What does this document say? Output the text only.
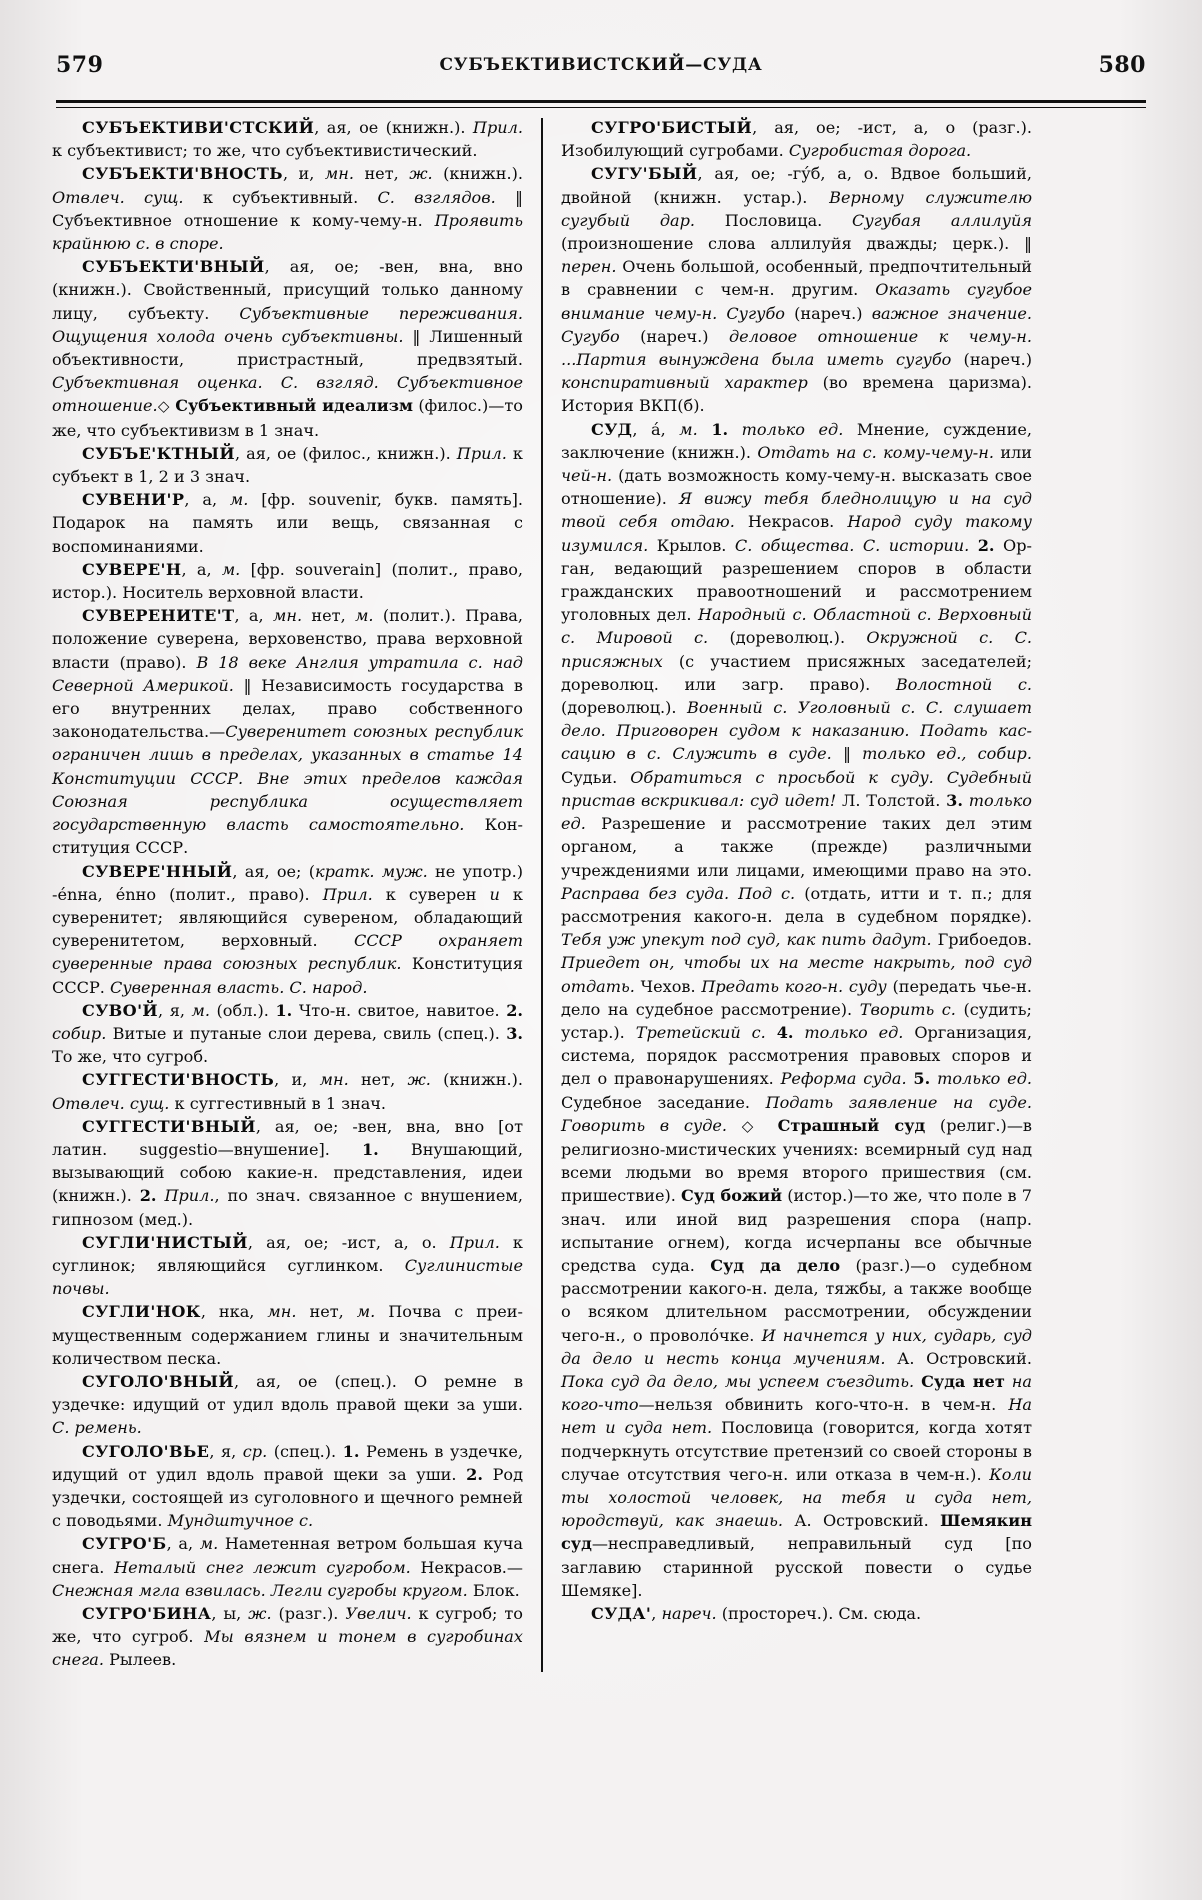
579	СУБЪЕКТИВИСТСКИЙ—СУДА	580

СУБЪЕКТИВИ'СТСКИЙ, ая, ое (книжн.). Прил. к субъективист; то же, что субъективистический.

СУБЪЕКТИ'ВНОСТЬ, и, мн. нет, ж. (книжн.). Отвлеч. сущ. к субъективный. С. взглядов. ‖ Субъективное отношение к кому-чему-н. Проявить крайнюю с. в споре.

СУБЪЕКТИ'ВНЫЙ, ая, ое; -вен, вна, вно (книжн.). Свойственный, присущий только данному лицу, субъекту. Субъективные переживания. Ощущения холода очень субъективны. ‖ Лишенный объективности, пристрастный, предвзятый. Субъективная оценка. С. взгляд. Субъективное отношение.◇ Субъективный идеализм (филос.)—то же, что субъективизм в 1 знач.

СУБЪЕ'КТНЫЙ, ая, ое (филос., книжн.). Прил. к субъект в 1, 2 и 3 знач.

СУВЕНИ'Р, а, м. [фр. souvenir, букв. память]. Подарок на память или вещь, связанная с воспоминаниями.

СУВЕРЕ'Н, а, м. [фр. souverain] (полит., право, истор.). Носитель верховной власти.

СУВЕРЕНИТЕ'Т, а, мн. нет, м. (полит.). Права, положение суверена, верховенство, права верховной власти (право). В 18 веке Англия утратила с. над Северной Америкой. ‖ Независимость государства в его внутренних делах, право собственного законодательства.—Суверенитет союзных республик ограничен лишь в пределах, указанных в статье 14 Конституции СССР. Вне этих пределов каждая Союзная республика осуществляет государственную власть самостоятельно. Конституция СССР.

СУВЕРЕ'ННЫЙ, ая, ое; (кратк. муж. не употр.) -énна, énно (полит., право). Прил. к суверен и к суверенитет; являющийся сувереном, обладающий суверенитетом, верховный. СССР охраняет суверенные права союзных республик. Конституция СССР. Суверенная власть. С. народ.

СУВО'Й, я, м. (обл.). 1. Что-н. свитое, навитое. 2. собир. Витые и путаные слои дерева, свиль (спец.). 3. То же, что сугроб.

СУГГЕСТИ'ВНОСТЬ, и, мн. нет, ж. (книжн.). Отвлеч. сущ. к суггестивный в 1 знач.

СУГГЕСТИ'ВНЫЙ, ая, ое; -вен, вна, вно [от латин. suggestio—внушение]. 1. Внушающий, вызывающий собою какие-н. представления, идеи (книжн.). 2. Прил., по знач. связанное с внушением, гипнозом (мед.).

СУГЛИ'НИСТЫЙ, ая, ое; -ист, а, о. Прил. к суглинок; являющийся суглинком. Суглинистые почвы.

СУГЛИ'НОК, нка, мн. нет, м. Почва с преимущественным содержанием глины и значительным количеством песка.

СУГОЛО'ВНЫЙ, ая, ое (спец.). О ремне в уздечке: идущий от удил вдоль правой щеки за уши. С. ремень.

СУГОЛО'ВЬЕ, я, ср. (спец.). 1. Ремень в уздечке, идущий от удил вдоль правой щеки за уши. 2. Род уздечки, состоящей из суголовного и щечного ремней с поводьями. Мундштучное с.

СУГРО'Б, а, м. Наметенная ветром большая куча снега. Неталый снег лежит сугробом. Некрасов.—Снежная мгла взвилась. Легли сугробы кругом. Блок.

СУГРО'БИНА, ы, ж. (разг.). Увелич. к сугроб; то же, что сугроб. Мы вязнем и тонем в сугробинах снега. Рылеев.

СУГРО'БИСТЫЙ, ая, ое; -ист, а, о (разг.). Изобилующий сугробами. Сугробистая дорога.

СУГУ'БЫЙ, ая, ое; -гу́б, а, о. Вдвое больший, двойной (книжн. устар.). Верному служителю сугубый дар. Пословица. Сугубая аллилуйя (произношение слова аллилуйя дважды; церк.). ‖ перен. Очень большой, особенный, предпочтительный в сравнении с чем-н. другим. Оказать сугубое внимание чему-н. Сугубо (нареч.) важное значение. Сугубо (нареч.) деловое отношение к чему-н. ...Партия вынуждена была иметь сугубо (нареч.) конспиративный характер (во времена царизма). История ВКП(б).

СУД, á, м. 1. только ед. Мнение, суждение, заключение (книжн.). Отдать на с. кому-чему-н. или чей-н. (дать возможность кому-чему-н. высказать свое отношение). Я вижу тебя бледнолицую и на суд твой себя отдаю. Некрасов. Народ суду такому изумился. Крылов. С. общества. С. истории. 2. Орган, ведающий разрешением споров в области гражданских правоотношений и рассмотрением уголовных дел. Народный с. Областной с. Верховный с. Мировой с. (дореволюц.). Окружной с. С. присяжных (с участием присяжных заседателей; дореволюц. или загр. право). Волостной с. (дореволюц.). Военный с. Уголовный с. С. слушает дело. Приговорен судом к наказанию. Подать кассацию в с. Служить в суде. ‖ только ед., собир. Судьи. Обратиться с просьбой к суду. Судебный пристав вскрикивал: суд идет! Л. Толстой. 3. только ед. Разрешение и рассмотрение таких дел этим органом, а также (прежде) различными учреждениями или лицами, имеющими право на это. Расправа без суда. Под с. (отдать, итти и т. п.; для рассмотрения какого-н. дела в судебном порядке). Тебя уж упекут под суд, как пить дадут. Грибоедов. Приедет он, чтобы их на месте накрыть, под суд отдать. Чехов. Предать кого-н. суду (передать чье-н. дело на судебное рассмотрение). Творить с. (судить; устар.). Третейский с. 4. только ед. Организация, система, порядок рассмотрения правовых споров и дел о правонарушениях. Реформа суда. 5. только ед. Судебное заседание. Подать заявление на суде. Говорить в суде. ◇ Страшный суд (религ.)—в религиозно-мистических учениях: всемирный суд над всеми людьми во время второго пришествия (см. пришествие). Суд божий (истор.)—то же, что поле в 7 знач. или иной вид разрешения спора (напр. испытание огнем), когда исчерпаны все обычные средства суда. Суд да дело (разг.)—о судебном рассмотрении какого-н. дела, тяжбы, а также вообще о всяком длительном рассмотрении, обсуждении чего-н., о проволо́чке. И начнется у них, сударь, суд да дело и несть конца мучениям. А. Островский. Пока суд да дело, мы успеем съездить. Суда нет на кого-что—нельзя обвинить кого-что-н. в чем-н. На нет и суда нет. Пословица (говорится, когда хотят подчеркнуть отсутствие претензий со своей стороны в случае отсутствия чего-н. или отказа в чем-н.). Коли ты холостой человек, на тебя и суда нет, юродствуй, как знаешь. А. Островский. Шемякин суд—несправедливый, неправильный суд [по заглавию старинной русской повести о судье Шемяке].

СУДА', нареч. (простореч.). См. сюда.
